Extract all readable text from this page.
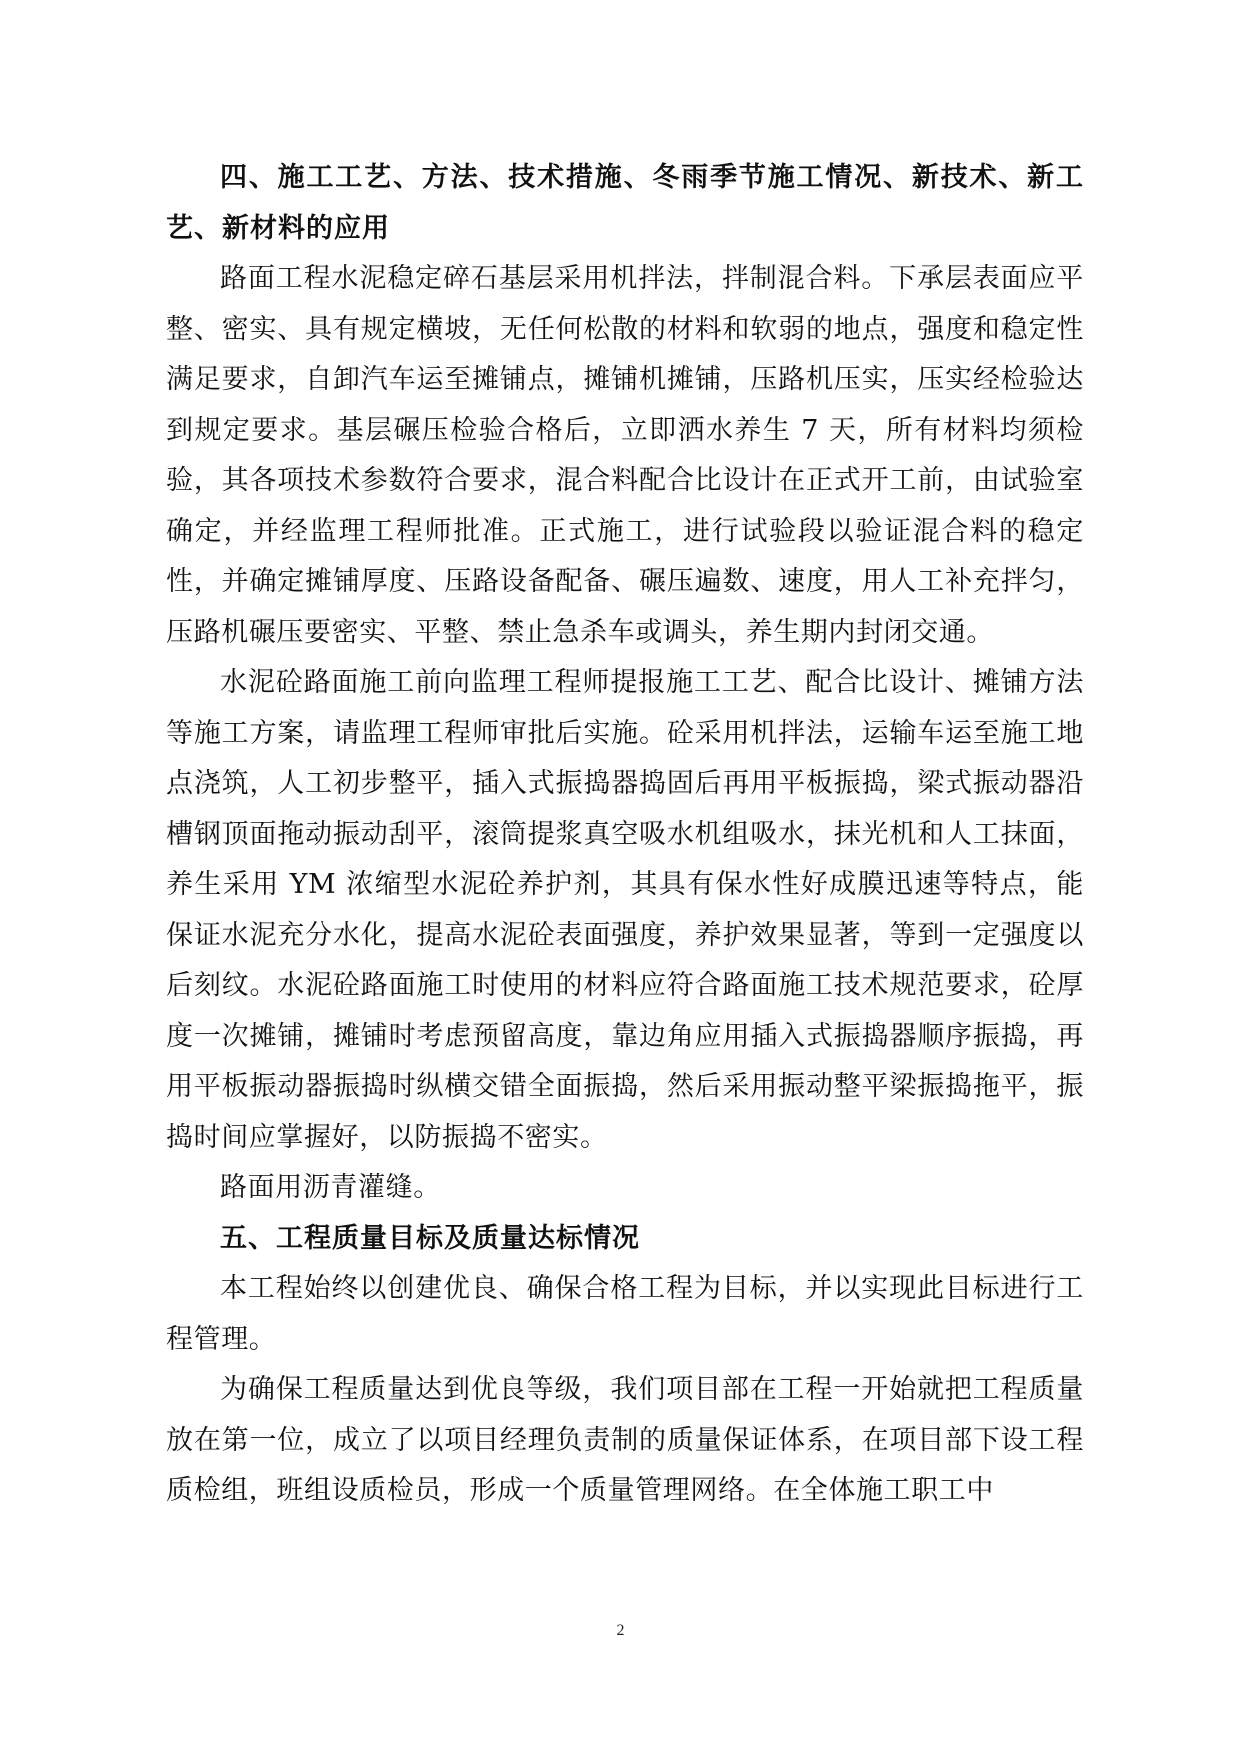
四、施工工艺、方法、技术措施、冬雨季节施工情况、新技术、新工艺、新材料的应用

路面工程水泥稳定碎石基层采用机拌法，拌制混合料。下承层表面应平整、密实、具有规定横坡，无任何松散的材料和软弱的地点，强度和稳定性满足要求，自卸汽车运至摊铺点，摊铺机摊铺，压路机压实，压实经检验达到规定要求。基层碾压检验合格后，立即洒水养生 7 天，所有材料均须检验，其各项技术参数符合要求，混合料配合比设计在正式开工前，由试验室确定，并经监理工程师批准。正式施工，进行试验段以验证混合料的稳定性，并确定摊铺厚度、压路设备配备、碾压遍数、速度，用人工补充拌匀，压路机碾压要密实、平整、禁止急杀车或调头，养生期内封闭交通。

水泥砼路面施工前向监理工程师提报施工工艺、配合比设计、摊铺方法等施工方案，请监理工程师审批后实施。砼采用机拌法，运输车运至施工地点浇筑，人工初步整平，插入式振捣器捣固后再用平板振捣，梁式振动器沿槽钢顶面拖动振动刮平，滚筒提浆真空吸水机组吸水，抹光机和人工抹面，养生采用 YM 浓缩型水泥砼养护剂，其具有保水性好成膜迅速等特点，能保证水泥充分水化，提高水泥砼表面强度，养护效果显著，等到一定强度以后刻纹。水泥砼路面施工时使用的材料应符合路面施工技术规范要求，砼厚度一次摊铺，摊铺时考虑预留高度，靠边角应用插入式振捣器顺序振捣，再用平板振动器振捣时纵横交错全面振捣，然后采用振动整平梁振捣拖平，振捣时间应掌握好，以防振捣不密实。

路面用沥青灌缝。

五、工程质量目标及质量达标情况

本工程始终以创建优良、确保合格工程为目标，并以实现此目标进行工程管理。

为确保工程质量达到优良等级，我们项目部在工程一开始就把工程质量放在第一位，成立了以项目经理负责制的质量保证体系，在项目部下设工程质检组，班组设质检员，形成一个质量管理网络。在全体施工职工中

2
